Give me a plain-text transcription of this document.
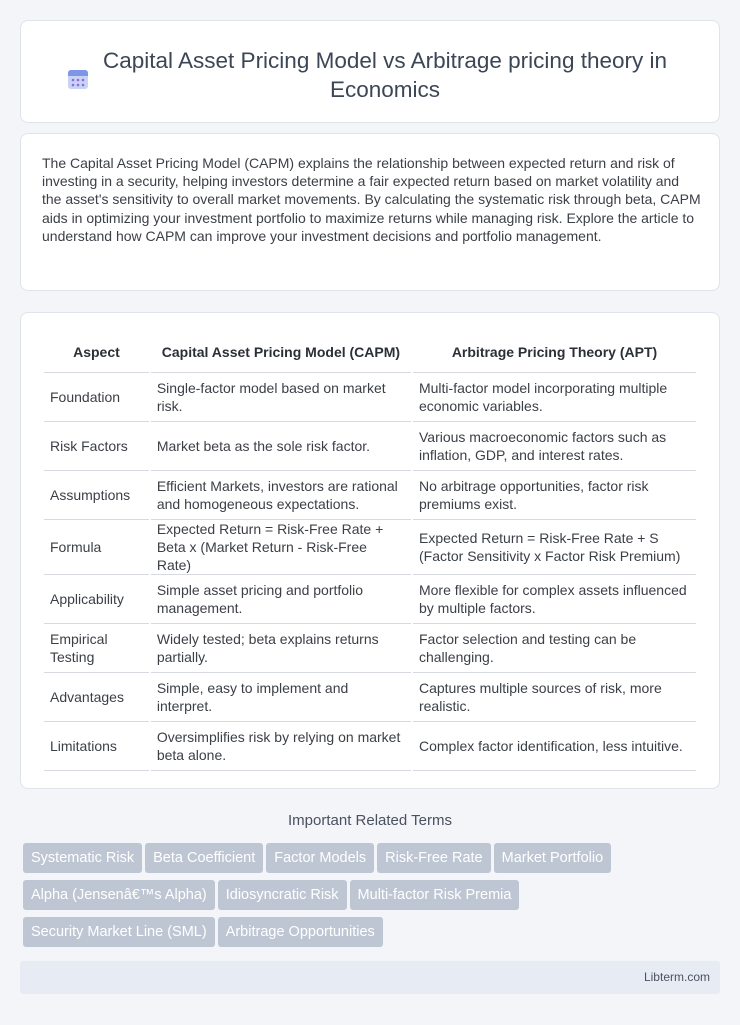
Capital Asset Pricing Model vs Arbitrage pricing theory in Economics

The Capital Asset Pricing Model (CAPM) explains the relationship between expected return and risk of investing in a security, helping investors determine a fair expected return based on market volatility and the asset's sensitivity to overall market movements. By calculating the systematic risk through beta, CAPM aids in optimizing your investment portfolio to maximize returns while managing risk. Explore the article to understand how CAPM can improve your investment decisions and portfolio management.

Aspect	Capital Asset Pricing Model (CAPM)	Arbitrage Pricing Theory (APT)
Foundation	Single-factor model based on market risk.	Multi-factor model incorporating multiple economic variables.
Risk Factors	Market beta as the sole risk factor.	Various macroeconomic factors such as inflation, GDP, and interest rates.
Assumptions	Efficient Markets, investors are rational and homogeneous expectations.	No arbitrage opportunities, factor risk premiums exist.
Formula	Expected Return = Risk-Free Rate + Beta x (Market Return - Risk-Free Rate)	Expected Return = Risk-Free Rate + S (Factor Sensitivity x Factor Risk Premium)
Applicability	Simple asset pricing and portfolio management.	More flexible for complex assets influenced by multiple factors.
Empirical Testing	Widely tested; beta explains returns partially.	Factor selection and testing can be challenging.
Advantages	Simple, easy to implement and interpret.	Captures multiple sources of risk, more realistic.
Limitations	Oversimplifies risk by relying on market beta alone.	Complex factor identification, less intuitive.
Important Related Terms
Systematic Risk Beta Coefficient Factor Models Risk-Free Rate Market PortfolioAlpha (Jensenâ€™s Alpha) Idiosyncratic Risk Multi-factor Risk PremiaSecurity Market Line (SML) Arbitrage Opportunities
Libterm.com
